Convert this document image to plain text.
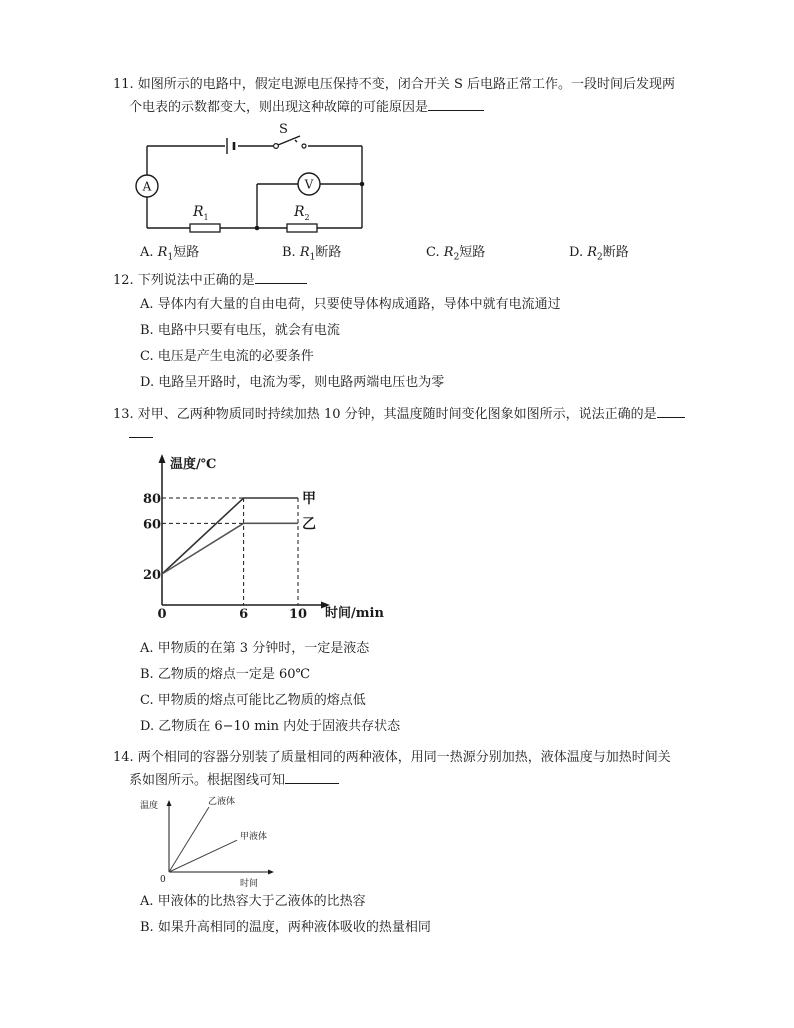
11. 如图所示的电路中，假定电源电压保持不变，闭合开关 S 后电路正常工作。一段时间后发现两
个电表的示数都变大，则出现这种故障的可能原因是
S
A	V
$R_1$	$R_2$
A. $R_1$短路	B. $R_1$断路	C. $R_2$短路	D. $R_2$断路
12. 下列说法中正确的是
A. 导体内有大量的自由电荷，只要使导体构成通路，导体中就有电流通过
B. 电路中只要有电压，就会有电流
C. 电压是产生电流的必要条件
D. 电路呈开路时，电流为零，则电路两端电压也为零
13. 对甲、乙两种物质同时持续加热 10 分钟，其温度随时间变化图象如图所示，说法正确的是
温度/℃
时间/min
甲
乙
20
60
80
0	6	10
A. 甲物质的在第 3 分钟时，一定是液态
B. 乙物质的熔点一定是 60℃
C. 甲物质的熔点可能比乙物质的熔点低
D. 乙物质在 6−10 min 内处于固液共存状态
14. 两个相同的容器分别装了质量相同的两种液体，用同一热源分别加热，液体温度与加热时间关
系如图所示。根据图线可知
温度
时间
0
乙液体
甲液体
A. 甲液体的比热容大于乙液体的比热容
B. 如果升高相同的温度，两种液体吸收的热量相同
